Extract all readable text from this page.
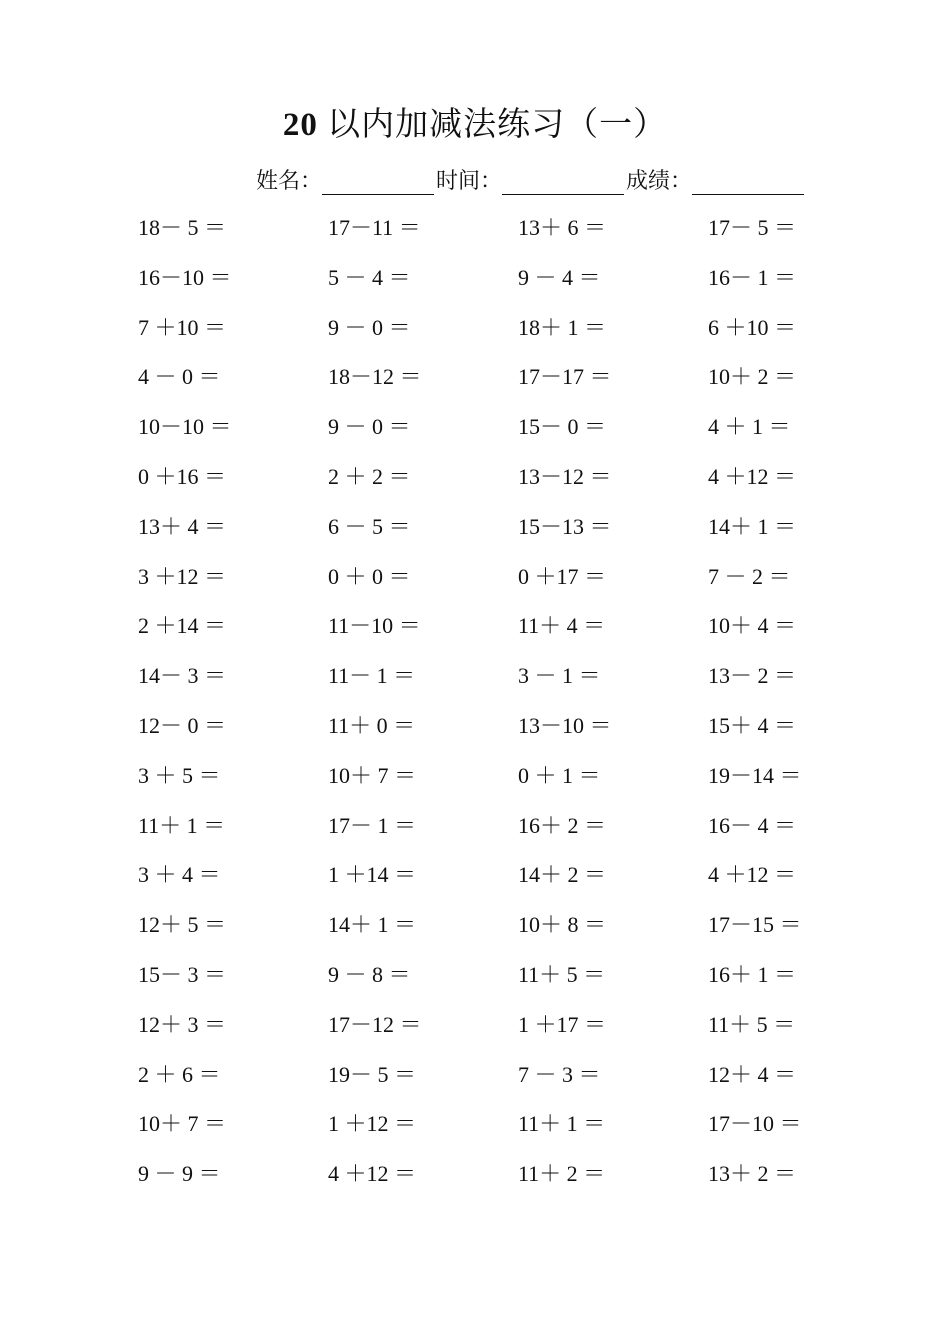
20 以内加减法练习（一）
姓名：	时间：	成绩：
18－ 5 ＝	17－11 ＝	13＋ 6 ＝	17－ 5 ＝
16－10 ＝	5 － 4 ＝	9 － 4 ＝	16－ 1 ＝
7 ＋10 ＝	9 － 0 ＝	18＋ 1 ＝	6 ＋10 ＝
4 － 0 ＝	18－12 ＝	17－17 ＝	10＋ 2 ＝
10－10 ＝	9 － 0 ＝	15－ 0 ＝	4 ＋ 1 ＝
0 ＋16 ＝	2 ＋ 2 ＝	13－12 ＝	4 ＋12 ＝
13＋ 4 ＝	6 － 5 ＝	15－13 ＝	14＋ 1 ＝
3 ＋12 ＝	0 ＋ 0 ＝	0 ＋17 ＝	7 － 2 ＝
2 ＋14 ＝	11－10 ＝	11＋ 4 ＝	10＋ 4 ＝
14－ 3 ＝	11－ 1 ＝	3 － 1 ＝	13－ 2 ＝
12－ 0 ＝	11＋ 0 ＝	13－10 ＝	15＋ 4 ＝
3 ＋ 5 ＝	10＋ 7 ＝	0 ＋ 1 ＝	19－14 ＝
11＋ 1 ＝	17－ 1 ＝	16＋ 2 ＝	16－ 4 ＝
3 ＋ 4 ＝	1 ＋14 ＝	14＋ 2 ＝	4 ＋12 ＝
12＋ 5 ＝	14＋ 1 ＝	10＋ 8 ＝	17－15 ＝
15－ 3 ＝	9 － 8 ＝	11＋ 5 ＝	16＋ 1 ＝
12＋ 3 ＝	17－12 ＝	1 ＋17 ＝	11＋ 5 ＝
2 ＋ 6 ＝	19－ 5 ＝	7 － 3 ＝	12＋ 4 ＝
10＋ 7 ＝	1 ＋12 ＝	11＋ 1 ＝	17－10 ＝
9 － 9 ＝	4 ＋12 ＝	11＋ 2 ＝	13＋ 2 ＝
